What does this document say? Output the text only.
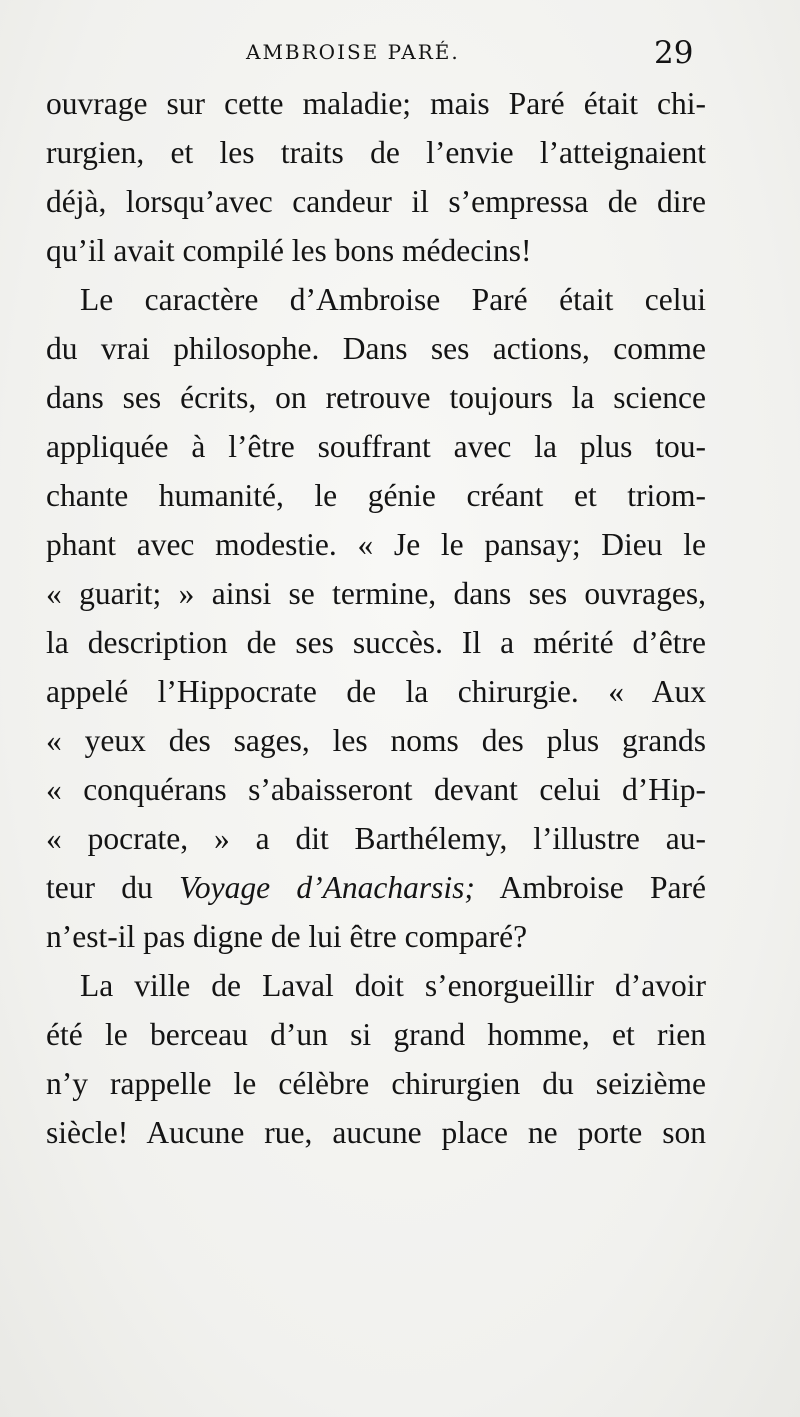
AMBROISE PARÉ.	29
ouvrage sur cette maladie; mais Paré était chi-
rurgien, et les traits de l’envie l’atteignaient
déjà, lorsqu’avec candeur il s’empressa de dire
qu’il avait compilé les bons médecins!
Le caractère d’Ambroise Paré était celui
du vrai philosophe. Dans ses actions, comme
dans ses écrits, on retrouve toujours la science
appliquée à l’être souffrant avec la plus tou-
chante humanité, le génie créant et triom-
phant avec modestie. « Je le pansay; Dieu le
« guarit; » ainsi se termine, dans ses ouvrages,
la description de ses succès. Il a mérité d’être
appelé l’Hippocrate de la chirurgie. « Aux
« yeux des sages, les noms des plus grands
« conquérans s’abaisseront devant celui d’Hip-
« pocrate, » a dit Barthélemy, l’illustre au-
teur du Voyage d’Anacharsis; Ambroise Paré
n’est-il pas digne de lui être comparé?
La ville de Laval doit s’enorgueillir d’avoir
été le berceau d’un si grand homme, et rien
n’y rappelle le célèbre chirurgien du seizième
siècle! Aucune rue, aucune place ne porte son
